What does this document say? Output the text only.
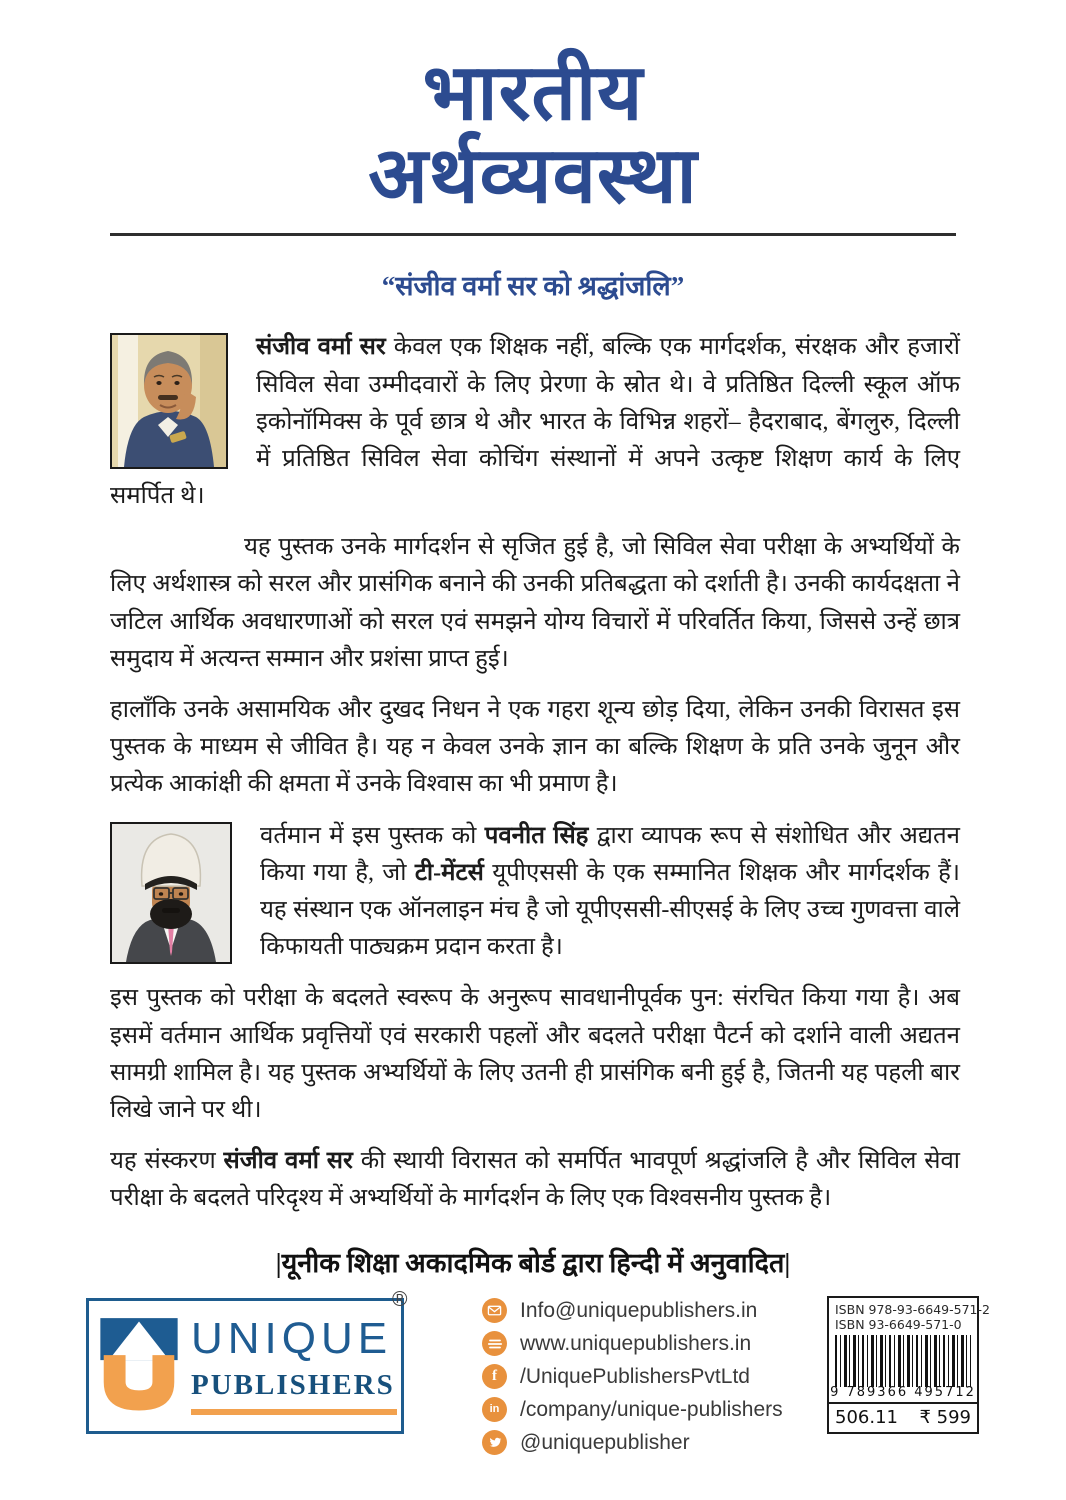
भारतीय
अर्थव्यवस्था
“संजीव वर्मा सर को श्रद्धांजलि”

संजीव वर्मा सर केवल एक शिक्षक नहीं, बल्कि एक मार्गदर्शक, संरक्षक और हजारों सिविल सेवा उम्मीदवारों के लिए प्रेरणा के स्रोत थे। वे प्रतिष्ठित दिल्ली स्कूल ऑफ इकोनॉमिक्स के पूर्व छात्र थे और भारत के विभिन्न शहरों– हैदराबाद, बेंगलुरु, दिल्ली में प्रतिष्ठित सिविल सेवा कोचिंग संस्थानों में अपने उत्कृष्ट शिक्षण कार्य के लिए समर्पित थे।

यह पुस्तक उनके मार्गदर्शन से सृजित हुई है, जो सिविल सेवा परीक्षा के अभ्यर्थियों के लिए अर्थशास्त्र को सरल और प्रासंगिक बनाने की उनकी प्रतिबद्धता को दर्शाती है। उनकी कार्यदक्षता ने जटिल आर्थिक अवधारणाओं को सरल एवं समझने योग्य विचारों में परिवर्तित किया, जिससे उन्हें छात्र समुदाय में अत्यन्त सम्मान और प्रशंसा प्राप्त हुई।

हालाँकि उनके असामयिक और दुखद निधन ने एक गहरा शून्य छोड़ दिया, लेकिन उनकी विरासत इस पुस्तक के माध्यम से जीवित है। यह न केवल उनके ज्ञान का बल्कि शिक्षण के प्रति उनके जुनून और प्रत्येक आकांक्षी की क्षमता में उनके विश्वास का भी प्रमाण है।

वर्तमान में इस पुस्तक को पवनीत सिंह द्वारा व्यापक रूप से संशोधित और अद्यतन किया गया है, जो टी-मेंटर्स यूपीएससी के एक सम्मानित शिक्षक और मार्गदर्शक हैं। यह संस्थान एक ऑनलाइन मंच है जो यूपीएससी-सीएसई के लिए उच्च गुणवत्ता वाले किफायती पाठ्यक्रम प्रदान करता है।

इस पुस्तक को परीक्षा के बदलते स्वरूप के अनुरूप सावधानीपूर्वक पुन: संरचित किया गया है। अब इसमें वर्तमान आर्थिक प्रवृत्तियों एवं सरकारी पहलों और बदलते परीक्षा पैटर्न को दर्शाने वाली अद्यतन सामग्री शामिल है। यह पुस्तक अभ्यर्थियों के लिए उतनी ही प्रासंगिक बनी हुई है, जितनी यह पहली बार लिखे जाने पर थी।

यह संस्करण संजीव वर्मा सर की स्थायी विरासत को समर्पित भावपूर्ण श्रद्धांजलि है और सिविल सेवा परीक्षा के बदलते परिदृश्य में अभ्यर्थियों के मार्गदर्शन के लिए एक विश्वसनीय पुस्तक है।

|यूनीक शिक्षा अकादमिक बोर्ड द्वारा हिन्दी में अनुवादित|
UNIQUE
PUBLISHERS
®	Info@uniquepublishers.in
www.uniquepublishers.in
f /UniquePublishersPvtLtd
in /company/unique-publishers
@uniquepublisher
ISBN 978-93-6649-571-2
ISBN 93-6649-571-0
9 789366 495712
506.11 ₹ 599
